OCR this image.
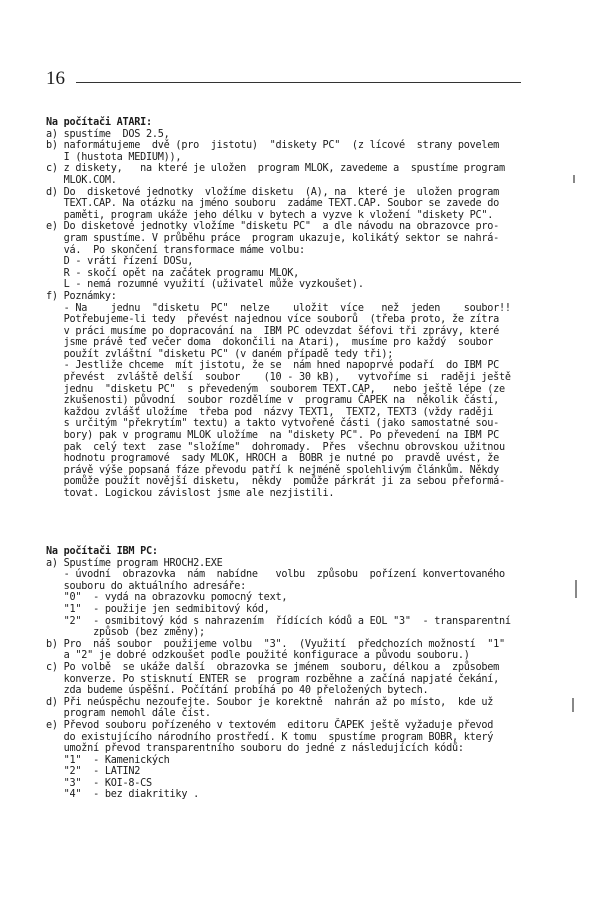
16
Na počítači ATARI:
a) spustíme  DOS 2.5,
b) naformátujeme  dvě (pro  jistotu)  "diskety PC"  (z lícové  strany povelem
I (hustota MEDIUM)),
c) z diskety,   na které je uložen  program MLOK, zavedeme a  spustíme program
MLOK.COM.
d) Do  disketové jednotky  vložíme disketu  (A), na  které je  uložen program
TEXT.CAP. Na otázku na jméno souboru  zadáme TEXT.CAP. Soubor se zavede do
paměti, program ukáže jeho délku v bytech a vyzve k vložení "diskety PC".
e) Do disketové jednotky vložíme "disketu PC"  a dle návodu na obrazovce pro-
gram spustíme. V průběhu práce  program ukazuje, kolikátý sektor se nahrá-
vá.  Po skončení transformace máme volbu:
D - vrátí řízení DOSu,
R - skočí opět na začátek programu MLOK,
L - nemá rozumné využití (uživatel může vyzkoušet).
f) Poznámky:
- Na    jednu  "disketu  PC"  nelze    uložit  více   než  jeden    soubor!!
Potřebujeme-li tedy  převést najednou více souborů  (třeba proto, že zítra
v práci musíme po dopracování na  IBM PC odevzdat šéfovi tři zprávy, které
jsme právě teď večer doma  dokončili na Atari),  musíme pro každý  soubor
použít zvláštní "disketu PC" (v daném případě tedy tři);
- Jestliže chceme  mít jistotu, že se  nám hned napoprvé podaří  do IBM PC
převést  zvláště delší  soubor    (10 - 30 kB),   vytvoříme si  raději ještě
jednu  "disketu PC"  s převedeným  souborem TEXT.CAP,   nebo ještě lépe (ze
zkušenosti) původní  soubor rozdělíme v  programu ČAPEK na  několik částí,
každou zvlášť uložíme  třeba pod  názvy TEXT1,  TEXT2, TEXT3 (vždy raději
s určitým "překrytím" textu) a takto vytvořené části (jako samostatné sou-
bory) pak v programu MLOK uložíme  na "diskety PC". Po převedení na IBM PC
pak  celý text  zase "složíme"  dohromady.  Přes  všechnu obrovskou užitnou
hodnotu programové  sady MLOK, HROCH a  BOBR je nutné po  pravdě uvést, že
právě výše popsaná fáze převodu patří k nejméně spolehlivým článkům. Někdy
pomůže použít novější disketu,  někdy  pomůže párkrát ji za sebou přeformá-
tovat. Logickou závislost jsme ale nezjistili.
Na počítači IBM PC:
a) Spustíme program HROCH2.EXE
- úvodní  obrazovka  nám  nabídne   volbu  způsobu  pořízení konvertovaného
souboru do aktuálního adresáře:
"0"  - vydá na obrazovku pomocný text,
"1"  - použije jen sedmibitový kód,
"2"  - osmibitový kód s nahrazením  řídících kódů a EOL "3"  - transparentní
způsob (bez změny);
b) Pro  náš soubor  použijeme volbu  "3".  (Využití  předchozích možností  "1"
a "2" je dobré odzkoušet podle použité konfigurace a původu souboru.)
c) Po volbě  se ukáže další  obrazovka se jménem  souboru, délkou a  způsobem
konverze. Po stisknutí ENTER se  program rozběhne a začíná napjaté čekání,
zda budeme úspěšní. Počítání probíhá po 40 přeložených bytech.
d) Při neúspěchu nezoufejte. Soubor je korektně  nahrán až po místo,  kde už
program nemohl dále číst.
e) Převod souboru pořízeného v textovém  editoru ČAPEK ještě vyžaduje převod
do existujícího národního prostředí. K tomu  spustíme program BOBR, který
umožní převod transparentního souboru do jedné z následujících kódů:
"1"  - Kamenických
"2"  - LATIN2
"3"  - KOI-8-CS
"4"  - bez diakritiky .
